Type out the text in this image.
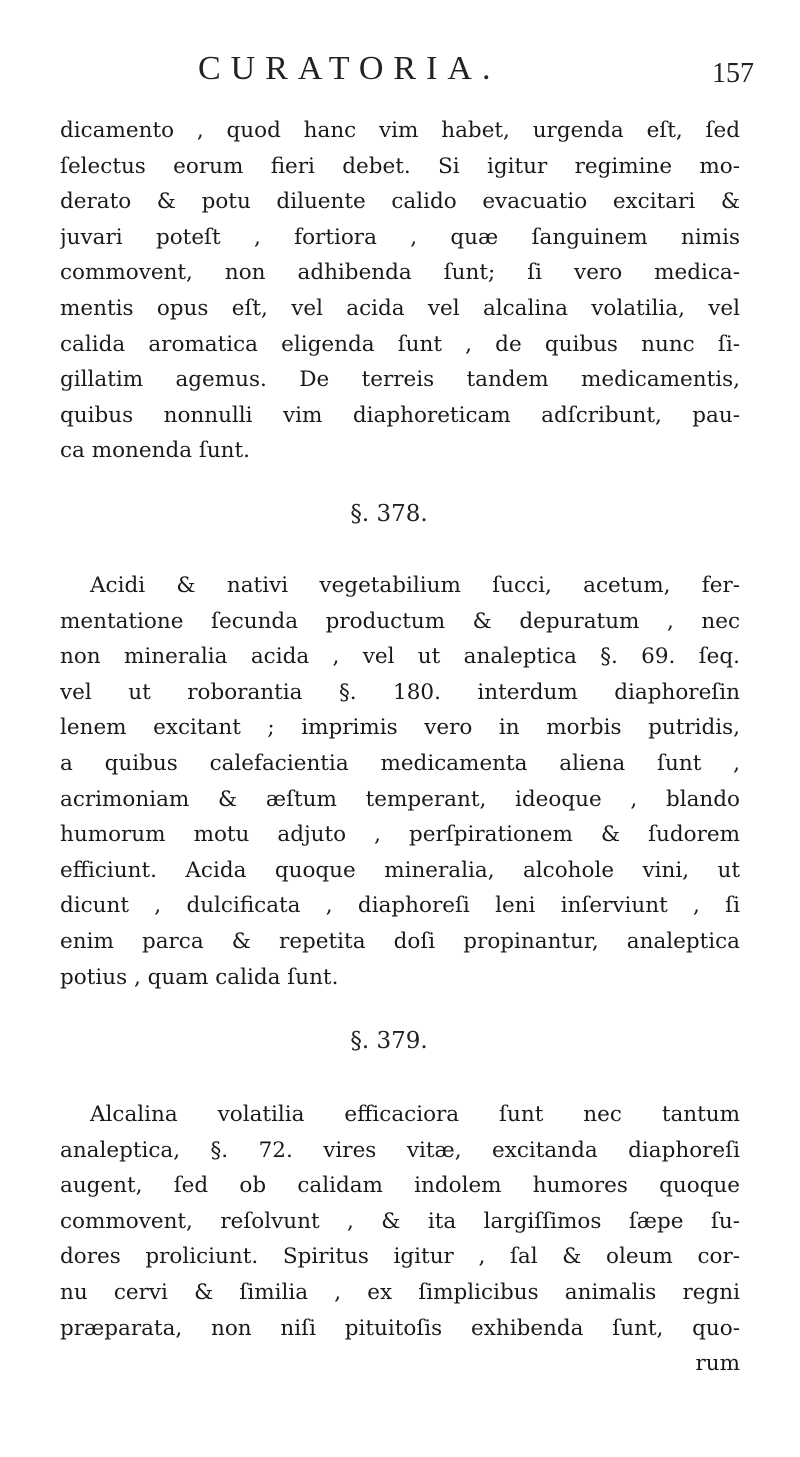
CURATORIA.	157
dicamento , quod hanc vim habet, urgenda eſt, ſed
ſelectus eorum fieri debet. Si igitur regimine mo-
derato & potu diluente calido evacuatio excitari &
juvari poteſt , fortiora , quæ ſanguinem nimis
commovent, non adhibenda ſunt; ſi vero medica-
mentis opus eſt, vel acida vel alcalina volatilia, vel
calida aromatica eligenda ſunt , de quibus nunc ſi-
gillatim agemus. De terreis tandem medicamentis,
quibus nonnulli vim diaphoreticam adſcribunt, pau-
ca monenda ſunt.
§. 378.
Acidi & nativi vegetabilium ſucci, acetum, fer-
mentatione ſecunda productum & depuratum , nec
non mineralia acida , vel ut analeptica §. 69. ſeq.
vel ut roborantia §. 180. interdum diaphoreſin
lenem excitant ; imprimis vero in morbis putridis,
a quibus calefacientia medicamenta aliena ſunt ,
acrimoniam & æſtum temperant, ideoque , blando
humorum motu adjuto , perſpirationem & ſudorem
efficiunt. Acida quoque mineralia, alcohole vini, ut
dicunt , dulcificata , diaphoreſi leni inſerviunt , ſi
enim parca & repetita doſi propinantur, analeptica
potius , quam calida ſunt.
§. 379.
Alcalina volatilia efficaciora ſunt nec tantum
analeptica, §. 72. vires vitæ, excitanda diaphoreſi
augent, ſed ob calidam indolem humores quoque
commovent, reſolvunt , & ita largiſſimos ſæpe ſu-
dores proliciunt. Spiritus igitur , ſal & oleum cor-
nu cervi & ſimilia , ex ſimplicibus animalis regni
præparata, non niſi pituitoſis exhibenda ſunt, quo-
rum
